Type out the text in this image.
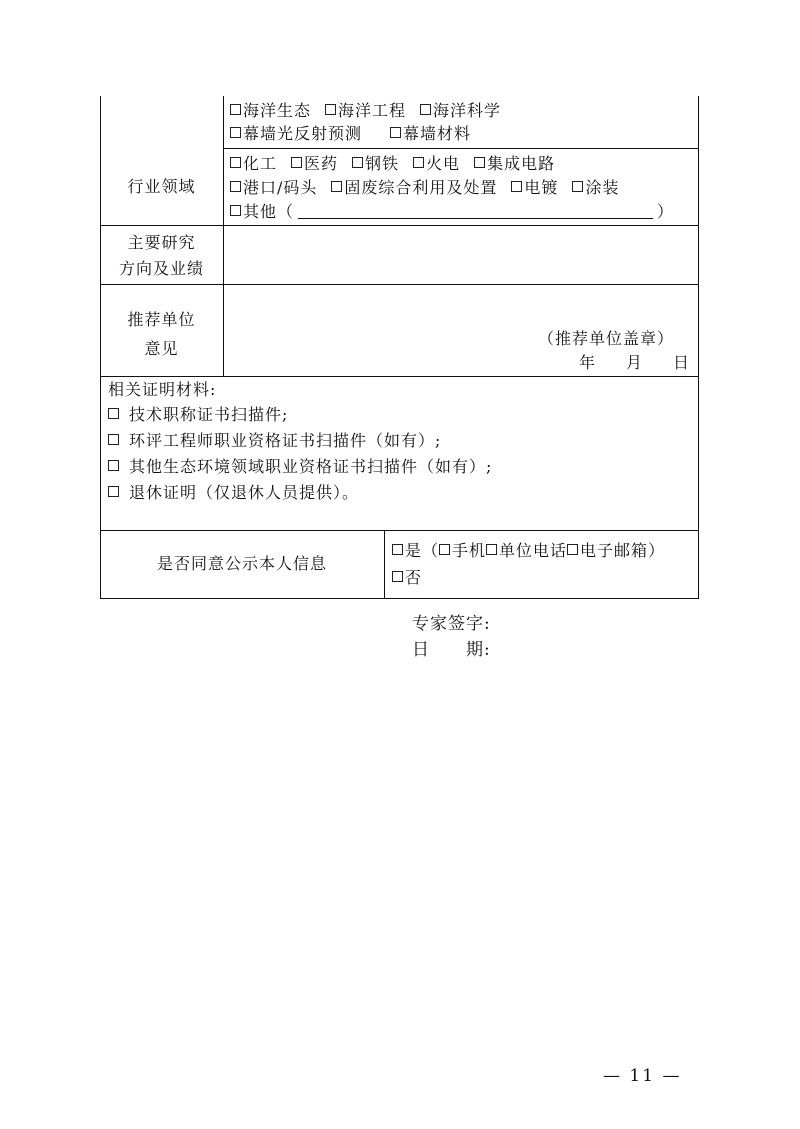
海洋生态 海洋工程 海洋科学
幕墙光反射预测	幕墙材料
行业领域
化工 医药 钢铁 火电 集成电路
港口/码头 固废综合利用及处置 电镀 涂装
其他（	）
主要研究
方向及业绩
推荐单位
意见
（推荐单位盖章）
年 月 日
相关证明材料:
技术职称证书扫描件;
环评工程师职业资格证书扫描件（如有）;
其他生态环境领域职业资格证书扫描件（如有）;
退休证明（仅退休人员提供）。
是否同意公示本人信息
是（ 手机 单位电话 电子邮箱）
否
专家签字:
日　　期:
— 11 —
